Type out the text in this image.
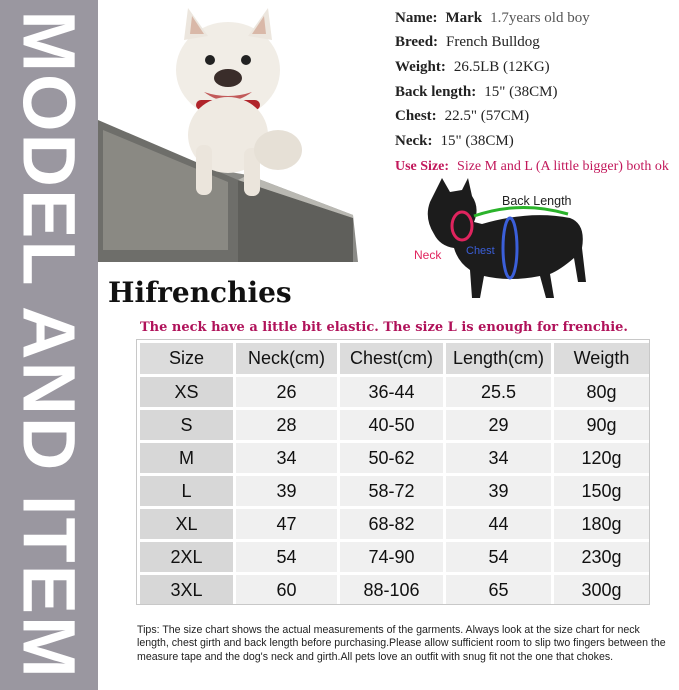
MODEL AND ITEM	Name: Mark 1.7years old boy
Breed: French Bulldog
Weight: 26.5LB (12KG)
Back length: 15" (38CM)
Chest: 22.5" (57CM)
Neck: 15" (38CM)
Use Size: Size M and L (A little bigger) both ok
Back Length
Chest
Neck
Hifrenchies
The neck have a little bit elastic. The size L is enough for frenchie.
Size	Neck(cm)	Chest(cm)	Length(cm)	Weigth
XS	26	36-44	25.5	80g
S	28	40-50	29	90g
M	34	50-62	34	120g
L	39	58-72	39	150g
XL	47	68-82	44	180g
2XL	54	74-90	54	230g
3XL	60	88-106	65	300g
Tips: The size chart shows the actual measurements of the garments. Always look at the size chart for neck length, chest girth and back length before purchasing.Please allow sufficient room to slip two fingers between the measure tape and the dog's neck and girth.All pets love an outfit with snug fit not the one that chokes.
